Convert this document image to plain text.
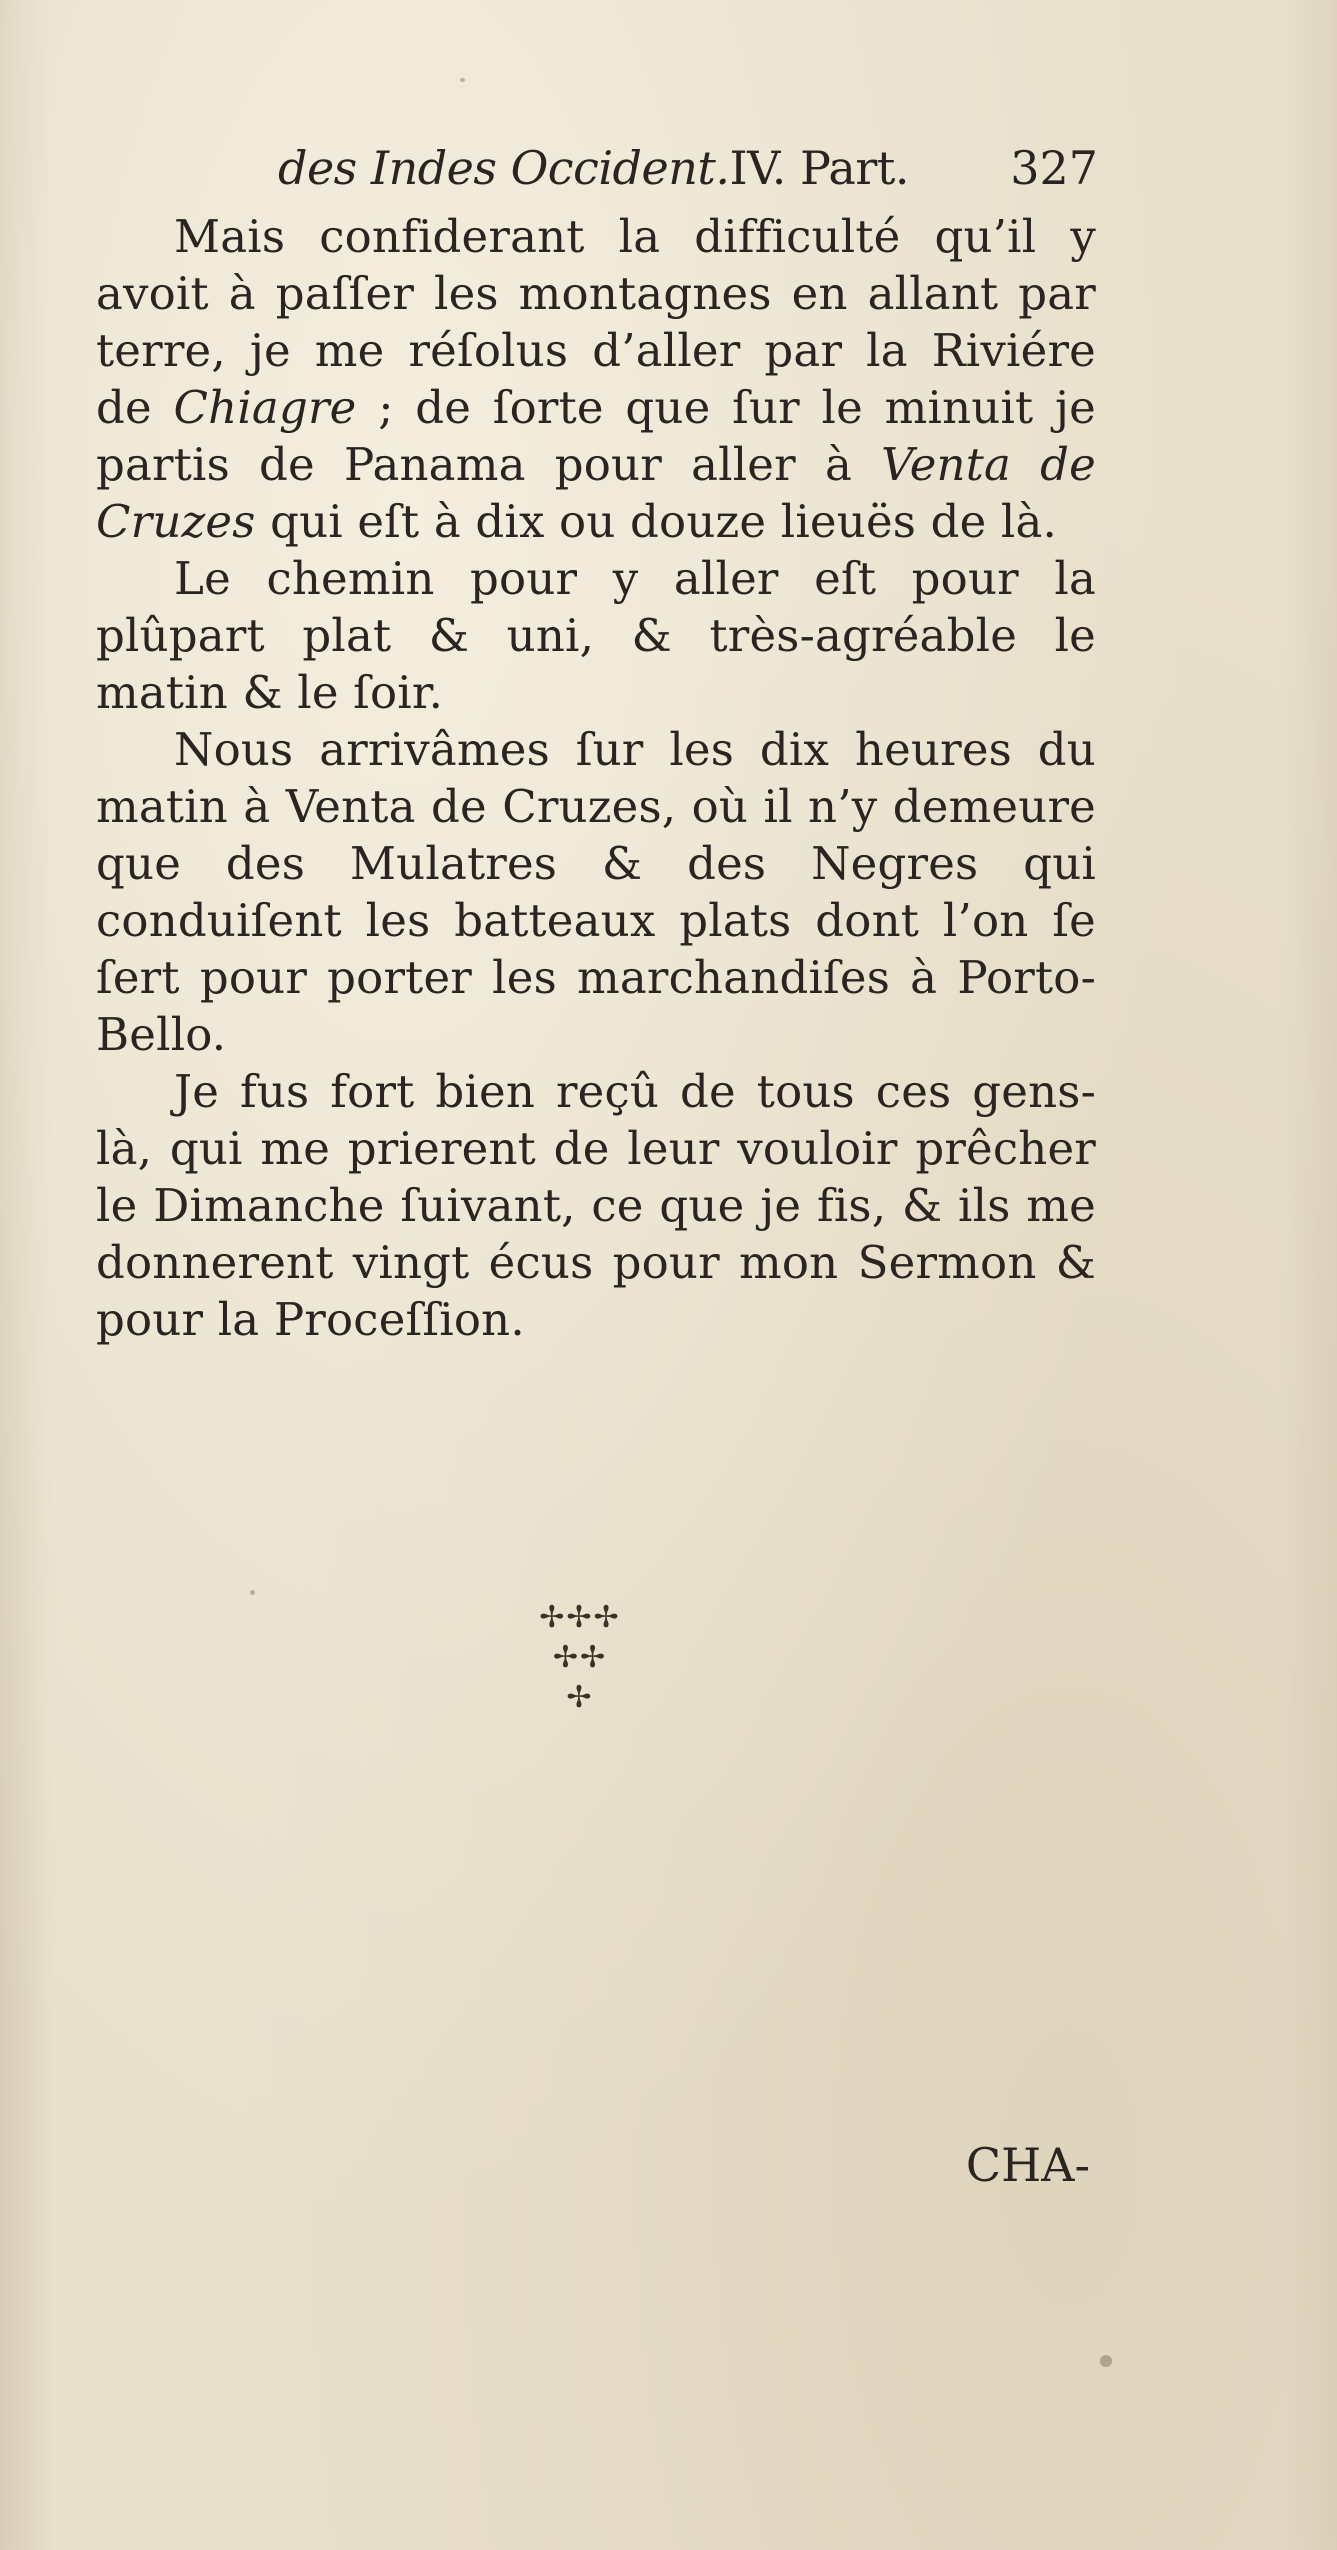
des Indes Occident.IV. Part. 327

Mais confiderant la difficulté qu’il y avoit à paſſer les montagnes en allant par terre, je me réſolus d’aller par la Riviére de Chiagre ; de ſorte que ſur le minuit je partis de Panama pour aller à Venta de Cruzes qui eſt à dix ou douze lieuës de là.

Le chemin pour y aller eſt pour la plûpart plat & uni, & très-agréable le matin & le ſoir.

Nous arrivâmes ſur les dix heures du matin à Venta de Cruzes, où il n’y demeure que des Mulatres & des Negres qui conduiſent les batteaux plats dont l’on ſe ſert pour porter les marchandiſes à Porto-Bello.

Je fus fort bien reçû de tous ces gens-là, qui me prierent de leur vouloir prêcher le Dimanche ſuivant, ce que je fis, & ils me donnerent vingt écus pour mon Sermon & pour la Proceſſion.

✢✢✢
✢✢
✢
CHA-
